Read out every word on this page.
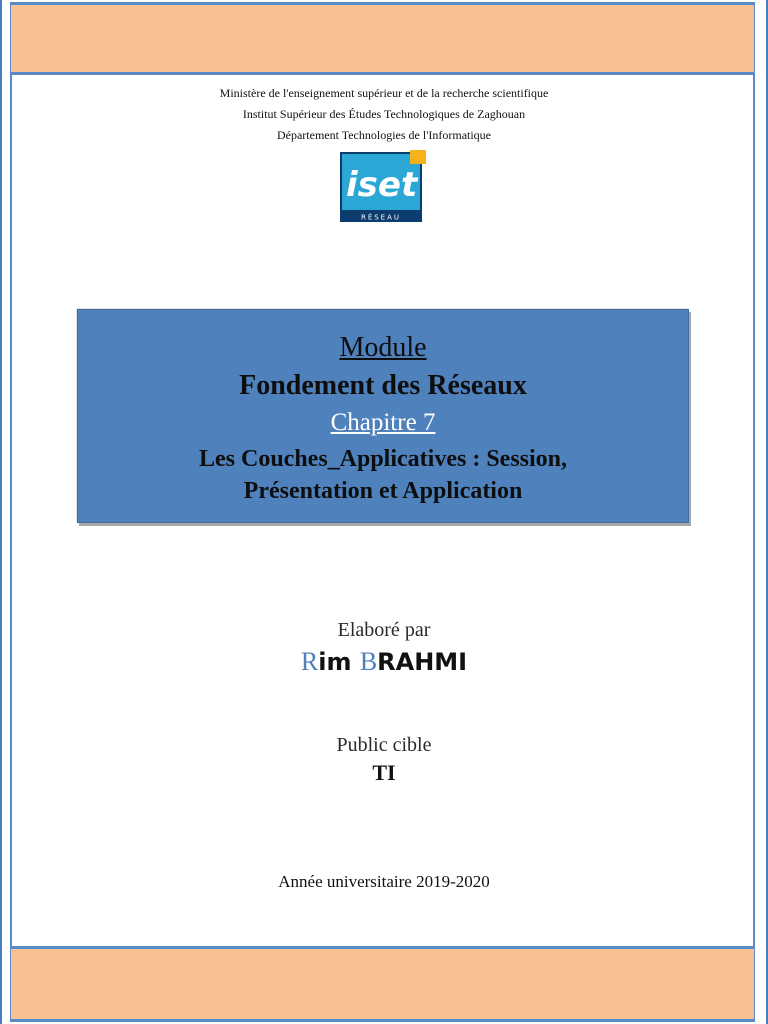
Ministère de l'enseignement supérieur et de la recherche scientifique
Institut Supérieur des Études Technologiques de Zaghouan
Département Technologies de l'Informatique
iset
RÉSEAU
Module
Fondement des Réseaux
Chapitre 7
Les Couches_Applicatives : Session,
Présentation et Application
Elaboré par
Rim BRAHMI
Public cible
TI
Année universitaire 2019-2020
